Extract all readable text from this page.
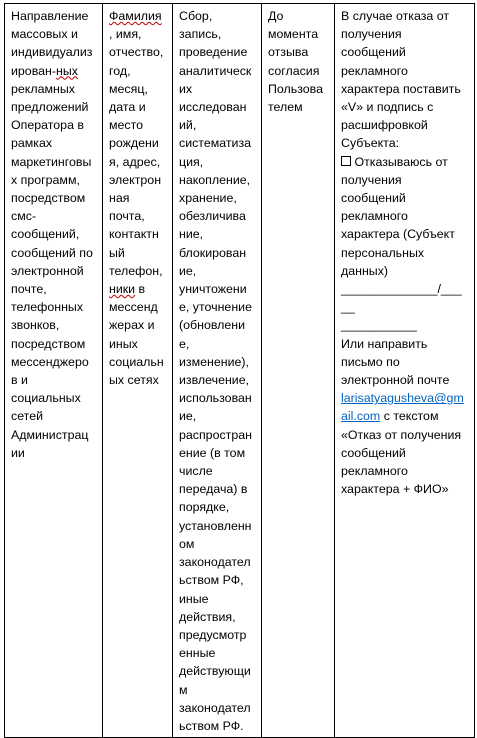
Направление
массовых и
индивидуализ
ирован-ных
рекламных
предложений
Оператора в
рамках
маркетинговы
х программ,
посредством
смс-
сообщений,
сообщений по
электронной
почте,
телефонных
звонков,
посредством
мессенджеро
в и
социальных
сетей
Администрац
ии	Фамилия
, имя,
отчество,
год,
месяц,
дата и
место
рождени
я, адрес,
электрон
ная
почта,
контактн
ый
телефон,
ники в
мессенд
жерах и
иных
социальн
ых сетях	Сбор,
запись,
проведение
аналитическ
их
исследован
ий,
систематиза
ция,
накопление,
хранение,
обезличива
ние,
блокирован
ие,
уничтожени
е, уточнение
(обновлени
е,
изменение),
извлечение,
использован
ие,
распростран
ение (в том
числе
передача) в
порядке,
установленн
ом
законодател
ьством РФ,
иные
действия,
предусмотр
енные
действующи
м
законодател
ьством РФ.	До
момента
отзыва
согласия
Пользова
телем	В случае отказа от
получения
сообщений
рекламного
характера поставить
«V» и подпись с
расшифровкой
Субъекта:
Отказываюсь от
получения
сообщений
рекламного
характера (Субъект
персональных
данных)
______________/_____
___________
Или направить
письмо по
электронной почте
larisatyagusheva@gmail.com с текстом
«Отказ от получения
сообщений
рекламного
характера + ФИО»
